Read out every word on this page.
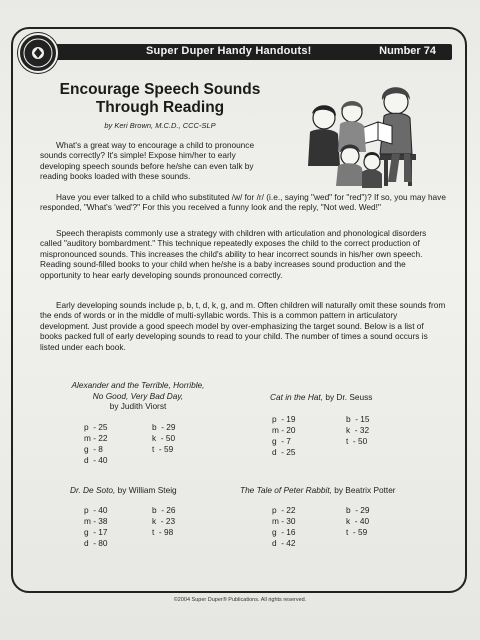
Super Duper Handy Handouts!	Number 74
Encourage Speech Sounds
Through Reading
by Keri Brown, M.C.D., CCC-SLP

What's a great way to encourage a child to pronounce sounds correctly? It's simple! Expose him/her to early developing speech sounds before he/she can even talk by reading books loaded with these sounds.

Have you ever talked to a child who substituted /w/ for /r/ (i.e., saying "wed" for "red")? If so, you may have responded, "What's 'wed'?" For this you received a funny look and the reply, "Not wed. Wed!"

Speech therapists commonly use a strategy with children with articulation and phonological disorders called "auditory bombardment." This technique repeatedly exposes the child to the correct production of mispronounced sounds. This increases the child's ability to hear incorrect sounds in his/her own speech. Reading sound-filled books to your child when he/she is a baby increases sound production and the opportunity to hear early developing sounds pronounced correctly.

Early developing sounds include p, b, t, d, k, g, and m. Often children will naturally omit these sounds from the ends of words or in the middle of multi-syllabic words. This is a common pattern in articulatory development. Just provide a good speech model by over-emphasizing the target sound. Below is a list of books packed full of early developing sounds to read to your child. The number of times a sound occurs is listed under each book.

Alexander and the Terrible, Horrible,
No Good, Very Bad Day,
by Judith Viorst
p  - 25
m - 22
g  - 8
d  - 40
b  - 29
k  - 50
t  - 59
Cat in the Hat, by Dr. Seuss
p  - 19
m - 20
g  - 7
d  - 25
b  - 15
k  - 32
t  - 50
Dr. De Soto, by William Steig
p  - 40
m - 38
g  - 17
d  - 80
b  - 26
k  - 23
t  - 98
The Tale of Peter Rabbit, by Beatrix Potter
p  - 22
m - 30
g  - 16
d  - 42
b  - 29
k  - 40
t  - 59
©2004 Super Duper® Publications. All rights reserved.
